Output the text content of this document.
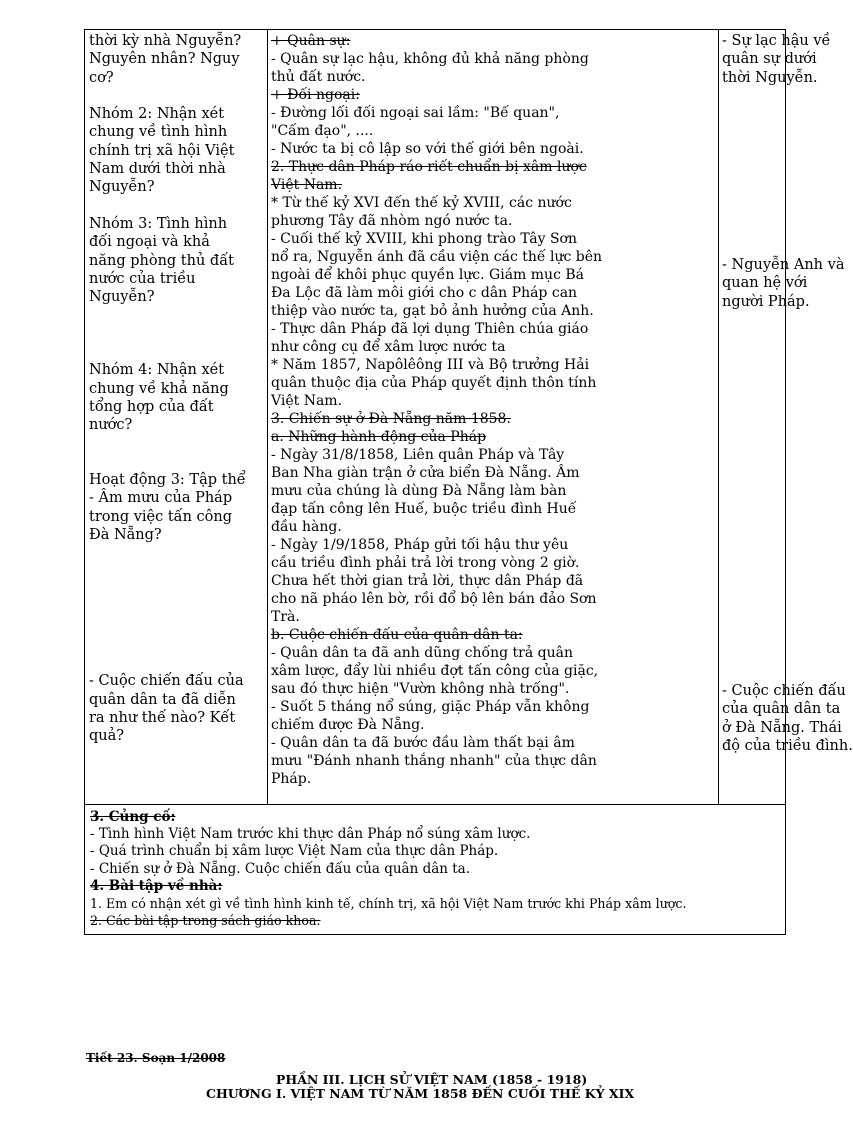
thời kỳ nhà Nguyễn?
Nguyên nhân? Nguy
cơ?

Nhóm 2: Nhận xét
chung về tình hình
chính trị xã hội Việt
Nam dưới thời nhà
Nguyễn?

Nhóm 3: Tình hình
đối ngoại và khả
năng phòng thủ đất
nước của triều
Nguyễn?

Nhóm 4: Nhận xét
chung về khả năng
tổng hợp của đất
nước?

Hoạt động 3: Tập thể
- Âm mưu của Pháp
trong việc tấn công
Đà Nẵng?

- Cuộc chiến đấu của
quân dân ta đã diễn
ra như thế nào? Kết
quả?
+ Quân sự:
- Quân sự lạc hậu, không đủ khả năng phòng
thủ đất nước.
+ Đối ngoại:
- Đường lối đối ngoại sai lầm: "Bế quan",
"Cấm đạo", ....
- Nước ta bị cô lập so với thế giới bên ngoài.
2. Thực dân Pháp ráo riết chuẩn bị xâm lược
Việt Nam.
* Từ thế kỷ XVI đến thế kỷ XVIII, các nước
phương Tây đã nhòm ngó nước ta.
- Cuối thế kỷ XVIII, khi phong trào Tây Sơn
nổ ra, Nguyễn ánh đã cầu viện các thế lực bên
ngoài để khôi phục quyền lực. Giám mục Bá
Đa Lộc đã làm môi giới cho c dân Pháp can
thiệp vào nước ta, gạt bỏ ảnh hưởng của Anh.
- Thực dân Pháp đã lợi dụng Thiên chúa giáo
như công cụ để xâm lược nước ta
* Năm 1857, Napôlêông III và Bộ trưởng Hải
quân thuộc địa của Pháp quyết định thôn tính
Việt Nam.
3. Chiến sự ở Đà Nẵng năm 1858.
a. Những hành động của Pháp
- Ngày 31/8/1858, Liên quân Pháp và Tây
Ban Nha giàn trận ở cửa biển Đà Nẵng. Âm
mưu của chúng là dùng Đà Nẵng làm bàn
đạp tấn công lên Huế, buộc triều đình Huế
đầu hàng.
- Ngày 1/9/1858, Pháp gửi tối hậu thư yêu
cầu triều đình phải trả lời trong vòng 2 giờ.
Chưa hết thời gian trả lời, thực dân Pháp đã
cho nã pháo lên bờ, rồi đổ bộ lên bán đảo Sơn
Trà.
b. Cuộc chiến đấu của quân dân ta:
- Quân dân ta đã anh dũng chống trả quân
xâm lược, đẩy lùi nhiều đợt tấn công của giặc,
sau đó thực hiện "Vườn không nhà trống".
- Suốt 5 tháng nổ súng, giặc Pháp vẫn không
chiếm được Đà Nẵng.
- Quân dân ta đã bước đầu làm thất bại âm
mưu "Đánh nhanh thắng nhanh" của thực dân
Pháp.
- Sự lạc hậu về
quân sự dưới
thời Nguyễn.
- Nguyễn Anh và
quan hệ với
người Pháp.
- Cuộc chiến đấu
của quân dân ta
ở Đà Nẵng. Thái
độ của triều đình.
3. Củng cố:
- Tình hình Việt Nam trước khi thực dân Pháp nổ súng xâm lược.
- Quá trình chuẩn bị xâm lược Việt Nam của thực dân Pháp.
- Chiến sự ở Đà Nẵng. Cuộc chiến đấu của quân dân ta.
4. Bài tập về nhà:
1. Em có nhận xét gì về tình hình kinh tế, chính trị, xã hội Việt Nam trước khi Pháp xâm lược.
2. Các bài tập trong sách giáo khoa.
Tiết 23. Soạn 1/2008
PHẦN III. LỊCH SỬ VIỆT NAM (1858 - 1918)
CHƯƠNG I. VIỆT NAM TỪ NĂM 1858 ĐẾN CUỐI THẾ KỶ XIX
